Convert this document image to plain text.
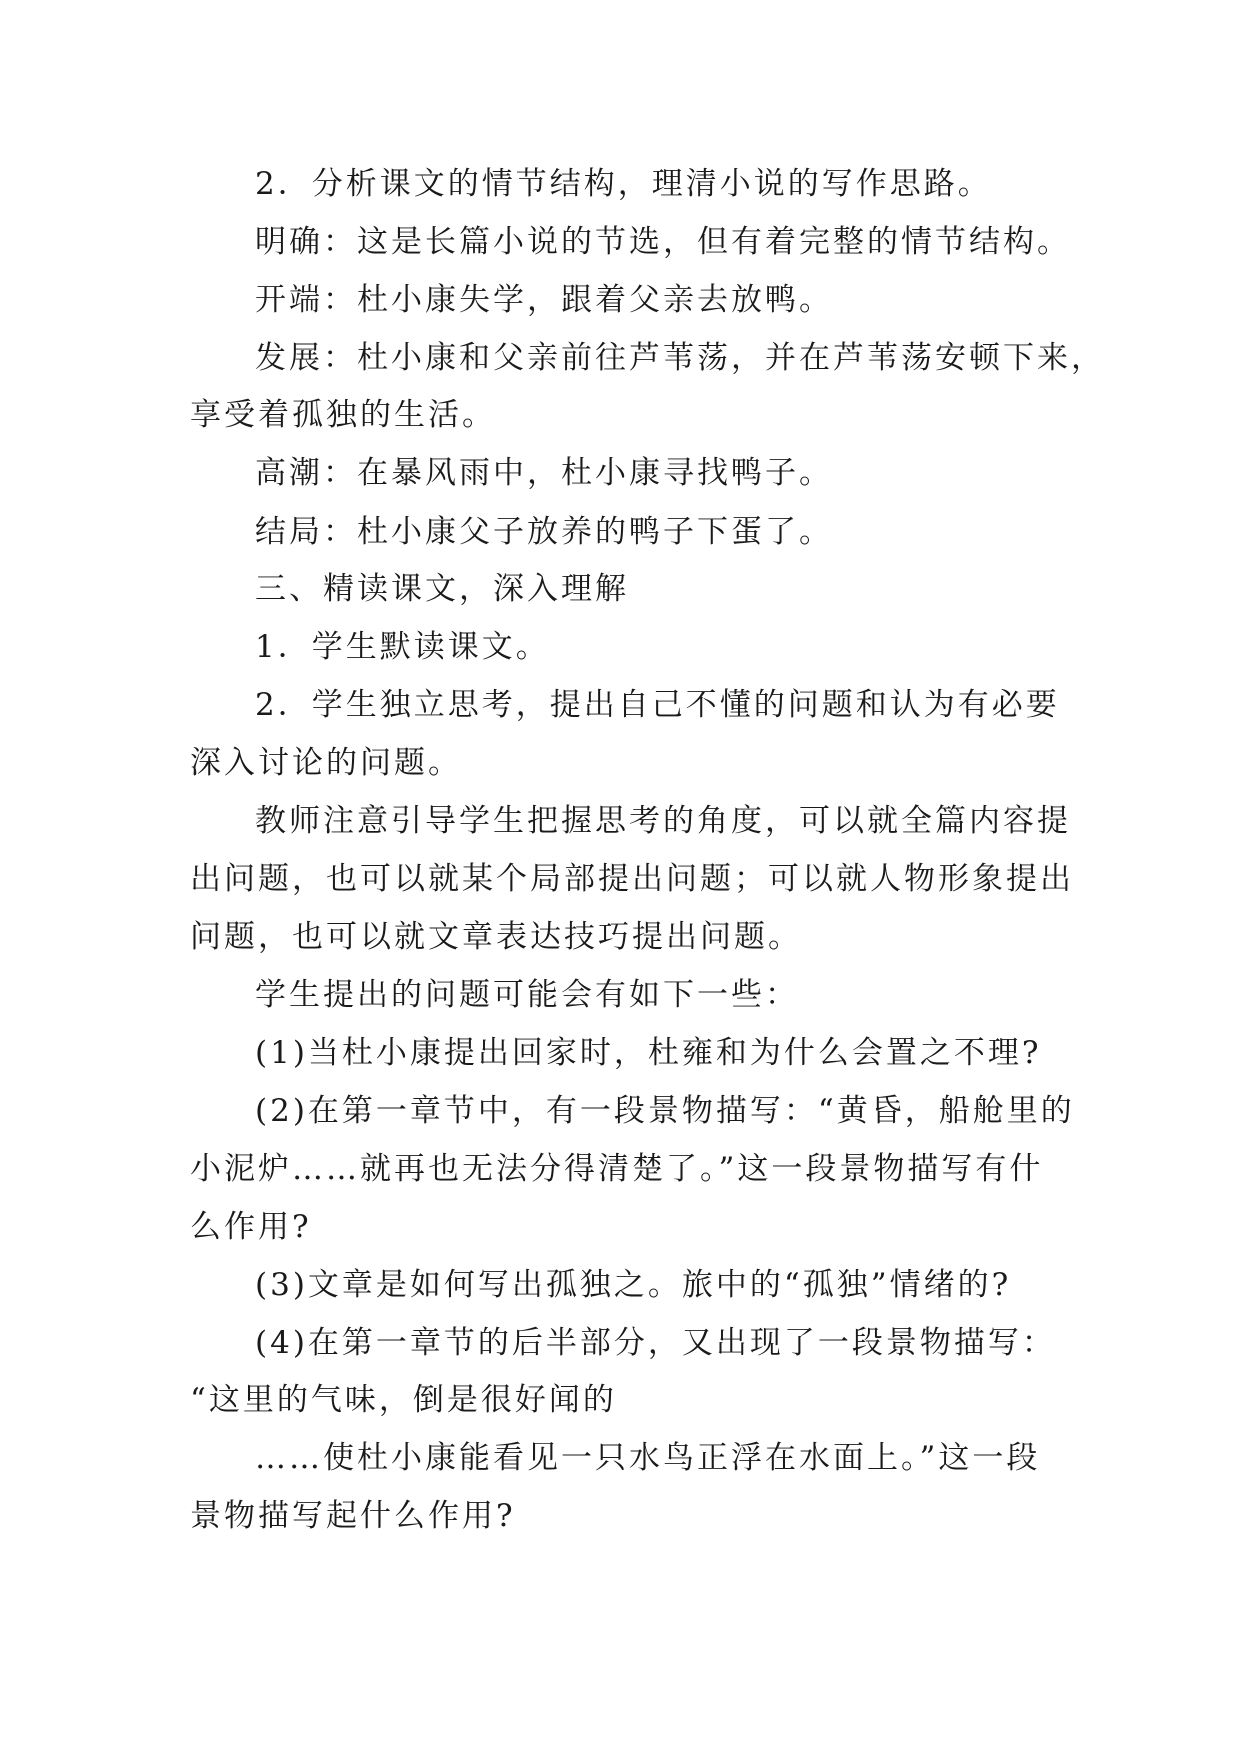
2．分析课文的情节结构，理清小说的写作思路。
明确：这是长篇小说的节选，但有着完整的情节结构。
开端：杜小康失学，跟着父亲去放鸭。
发展：杜小康和父亲前往芦苇荡，并在芦苇荡安顿下来，
享受着孤独的生活。
高潮：在暴风雨中，杜小康寻找鸭子。
结局：杜小康父子放养的鸭子下蛋了。
三、精读课文，深入理解
1．学生默读课文。
2．学生独立思考，提出自己不懂的问题和认为有必要
深入讨论的问题。
教师注意引导学生把握思考的角度，可以就全篇内容提
出问题，也可以就某个局部提出问题；可以就人物形象提出
问题，也可以就文章表达技巧提出问题。
学生提出的问题可能会有如下一些：
(1)当杜小康提出回家时，杜雍和为什么会置之不理?
(2)在第一章节中，有一段景物描写：“黄昏，船舱里的
小泥炉……就再也无法分得清楚了。”这一段景物描写有什
么作用?
(3)文章是如何写出孤独之。旅中的“孤独”情绪的?
(4)在第一章节的后半部分，又出现了一段景物描写：
“这里的气味，倒是很好闻的
……使杜小康能看见一只水鸟正浮在水面上。”这一段
景物描写起什么作用?
